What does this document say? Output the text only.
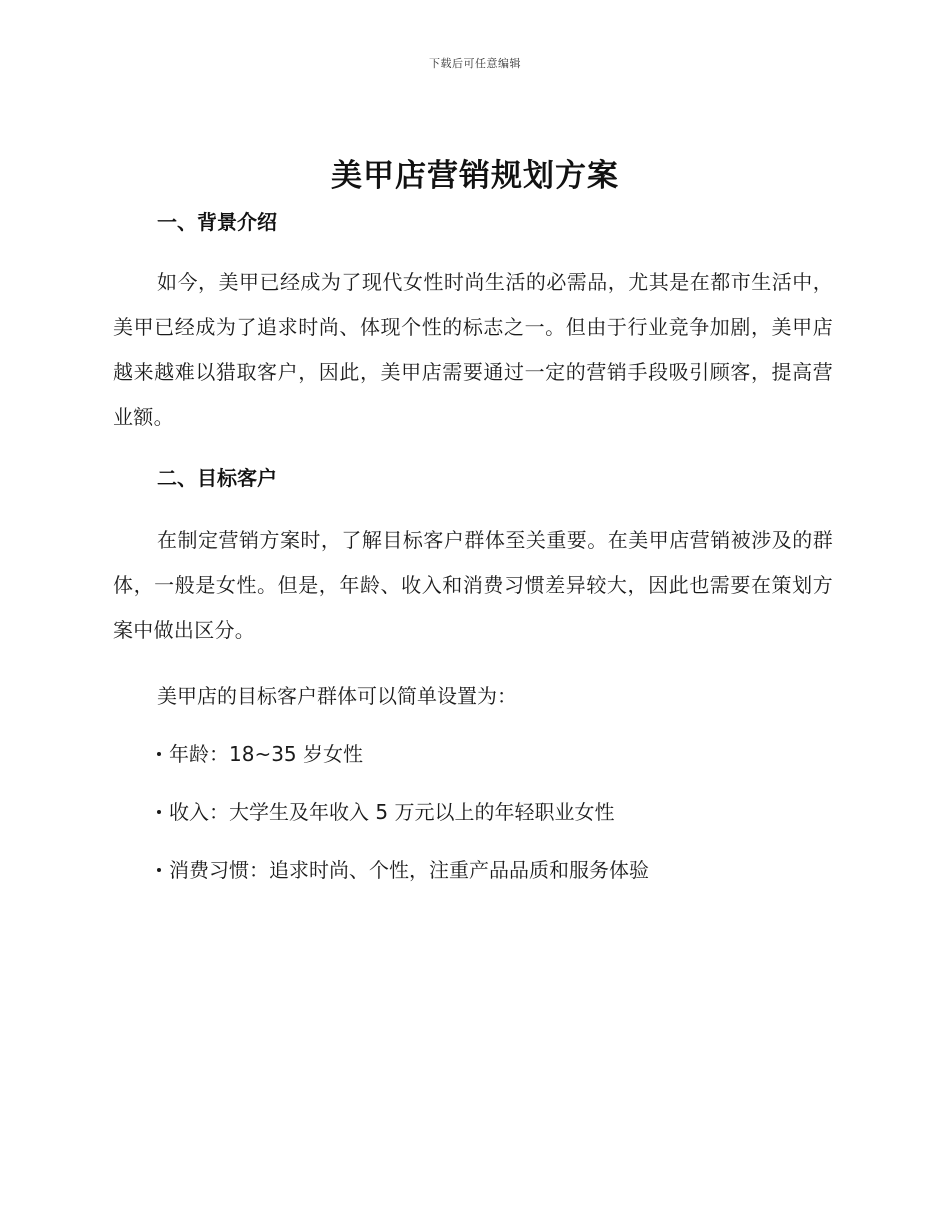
下载后可任意编辑
美甲店营销规划方案
一、背景介绍

如今，美甲已经成为了现代女性时尚生活的必需品，尤其是在都市生活中，美甲已经成为了追求时尚、体现个性的标志之一。但由于行业竞争加剧，美甲店越来越难以猎取客户，因此，美甲店需要通过一定的营销手段吸引顾客，提高营业额。

二、目标客户

在制定营销方案时，了解目标客户群体至关重要。在美甲店营销被涉及的群体，一般是女性。但是，年龄、收入和消费习惯差异较大，因此也需要在策划方案中做出区分。

美甲店的目标客户群体可以简单设置为：
年龄：18~35 岁女性
收入：大学生及年收入 5 万元以上的年轻职业女性
消费习惯：追求时尚、个性，注重产品品质和服务体验
